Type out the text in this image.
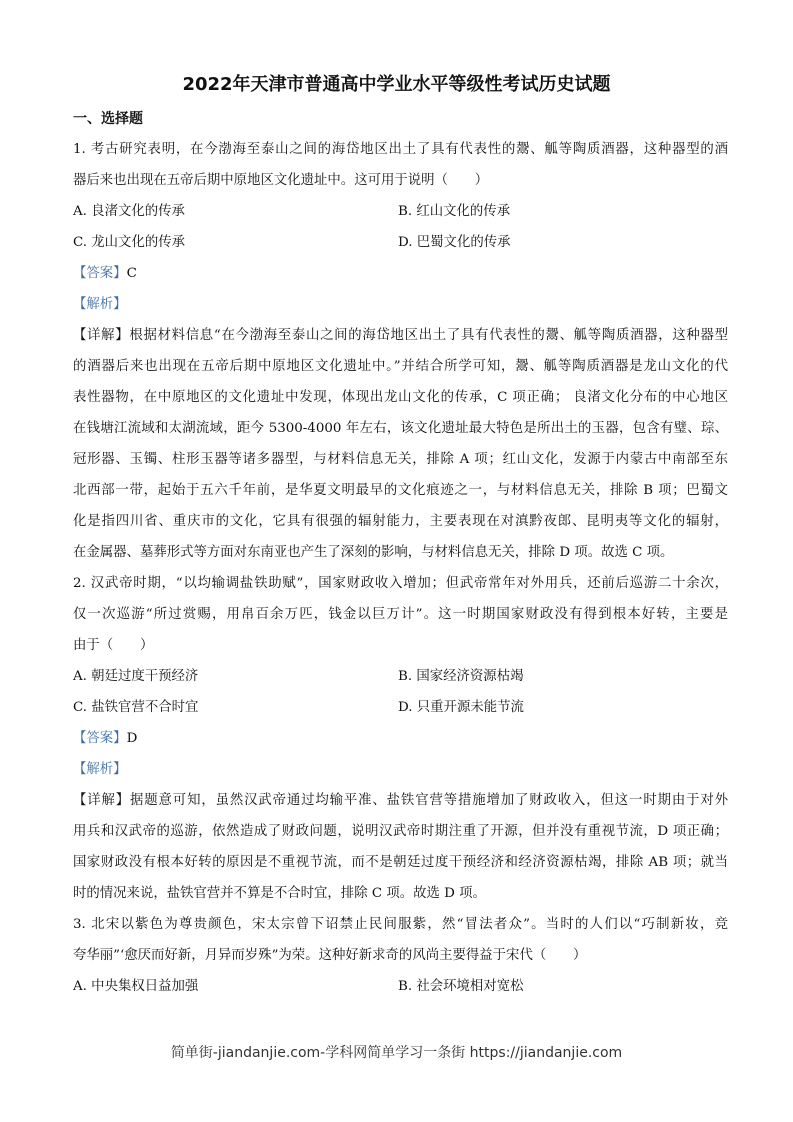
2022年天津市普通高中学业水平等级性考试历史试题
一、选择题
1. 考古研究表明，在今渤海至泰山之间的海岱地区出土了具有代表性的鬶、觚等陶质酒器，这种器型的酒
器后来也出现在五帝后期中原地区文化遗址中。这可用于说明（　　）
A. 良渚文化的传承	B. 红山文化的传承
C. 龙山文化的传承	D. 巴蜀文化的传承
【答案】C
【解析】
【详解】根据材料信息“在今渤海至泰山之间的海岱地区出土了具有代表性的鬶、觚等陶质酒器，这种器型
的酒器后来也出现在五帝后期中原地区文化遗址中。”并结合所学可知，鬶、觚等陶质酒器是龙山文化的代
表性器物，在中原地区的文化遗址中发现，体现出龙山文化的传承，C 项正确； 良渚文化分布的中心地区
在钱塘江流域和太湖流域，距今 5300-4000 年左右，该文化遗址最大特色是所出土的玉器，包含有璧、琮、
冠形器、玉镯、柱形玉器等诸多器型，与材料信息无关，排除 A 项；红山文化，发源于内蒙古中南部至东
北西部一带，起始于五六千年前，是华夏文明最早的文化痕迹之一，与材料信息无关，排除 B 项；巴蜀文
化是指四川省、重庆市的文化，它具有很强的辐射能力，主要表现在对滇黔夜郎、昆明夷等文化的辐射，
在金属器、墓葬形式等方面对东南亚也产生了深刻的影响，与材料信息无关，排除 D 项。故选 C 项。
2. 汉武帝时期，“以均输调盐铁助赋”，国家财政收入增加；但武帝常年对外用兵，还前后巡游二十余次，
仅一次巡游“所过赏赐，用帛百余万匹，钱金以巨万计”。这一时期国家财政没有得到根本好转，主要是
由于（　　）
A. 朝廷过度干预经济	B. 国家经济资源枯竭
C. 盐铁官营不合时宜	D. 只重开源未能节流
【答案】D
【解析】
【详解】据题意可知，虽然汉武帝通过均输平准、盐铁官营等措施增加了财政收入，但这一时期由于对外
用兵和汉武帝的巡游，依然造成了财政问题，说明汉武帝时期注重了开源，但并没有重视节流，D 项正确；
国家财政没有根本好转的原因是不重视节流，而不是朝廷过度干预经济和经济资源枯竭，排除 AB 项；就当
时的情况来说，盐铁官营并不算是不合时宜，排除 C 项。故选 D 项。
3. 北宋以紫色为尊贵颜色，宋太宗曾下诏禁止民间服紫，然“冒法者众”。当时的人们以“巧制新妆，竞
夸华丽”‘愈厌而好新，月异而岁殊”为荣。这种好新求奇的风尚主要得益于宋代（　　）
A. 中央集权日益加强	B. 社会环境相对宽松
简单街-jiandanjie.com-学科网简单学习一条街 https://jiandanjie.com
